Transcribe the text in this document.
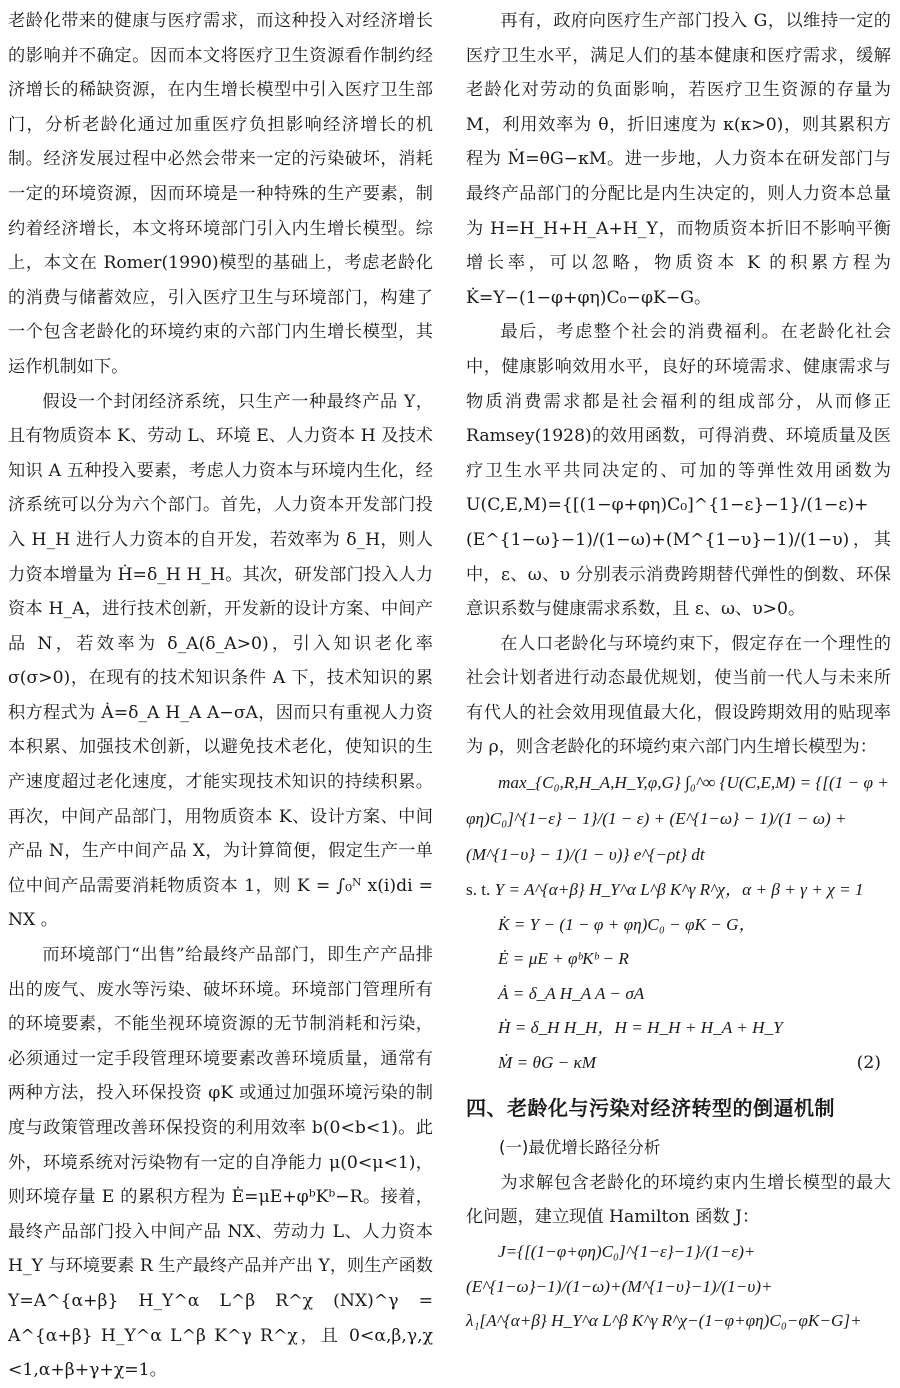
老龄化带来的健康与医疗需求，而这种投入对经济增长的影响并不确定。因而本文将医疗卫生资源看作制约经济增长的稀缺资源，在内生增长模型中引入医疗卫生部门，分析老龄化通过加重医疗负担影响经济增长的机制。经济发展过程中必然会带来一定的污染破坏，消耗一定的环境资源，因而环境是一种特殊的生产要素，制约着经济增长，本文将环境部门引入内生增长模型。综上，本文在 Romer(1990)模型的基础上，考虑老龄化的消费与储蓄效应，引入医疗卫生与环境部门，构建了一个包含老龄化的环境约束的六部门内生增长模型，其运作机制如下。

假设一个封闭经济系统，只生产一种最终产品 Y，且有物质资本 K、劳动 L、环境 E、人力资本 H 及技术知识 A 五种投入要素，考虑人力资本与环境内生化，经济系统可以分为六个部门。首先，人力资本开发部门投入 H_H 进行人力资本的自开发，若效率为 δ_H，则人力资本增量为 Ḣ=δ_H H_H。其次，研发部门投入人力资本 H_A，进行技术创新，开发新的设计方案、中间产品 N，若效率为 δ_A(δ_A>0)，引入知识老化率 σ(σ>0)，在现有的技术知识条件 A 下，技术知识的累积方程式为 Ȧ=δ_A H_A A−σA，因而只有重视人力资本积累、加强技术创新，以避免技术老化，使知识的生产速度超过老化速度，才能实现技术知识的持续积累。再次，中间产品部门，用物质资本 K、设计方案、中间产品 N，生产中间产品 X，为计算简便，假定生产一单位中间产品需要消耗物质资本 1，则 K = ∫₀ᴺ x(i)di = NX 。

而环境部门“出售”给最终产品部门，即生产产品排出的废气、废水等污染、破坏环境。环境部门管理所有的环境要素，不能坐视环境资源的无节制消耗和污染，必须通过一定手段管理环境要素改善环境质量，通常有两种方法，投入环保投资 φK 或通过加强环境污染的制度与政策管理改善环保投资的利用效率 b(0<b<1)。此外，环境系统对污染物有一定的自净能力 μ(0<μ<1)，则环境存量 E 的累积方程为 Ė=μE+φᵇKᵇ−R。接着，最终产品部门投入中间产品 NX、劳动力 L、人力资本 H_Y 与环境要素 R 生产最终产品并产出 Y，则生产函数 Y=A^{α+β} H_Y^α L^β R^χ (NX)^γ = A^{α+β} H_Y^α L^β K^γ R^χ，且 0<α,β,γ,χ <1,α+β+γ+χ=1。

再有，政府向医疗生产部门投入 G，以维持一定的医疗卫生水平，满足人们的基本健康和医疗需求，缓解老龄化对劳动的负面影响，若医疗卫生资源的存量为 M，利用效率为 θ，折旧速度为 κ(κ>0)，则其累积方程为 Ṁ=θG−κM。进一步地，人力资本在研发部门与最终产品部门的分配比是内生决定的，则人力资本总量为 H=H_H+H_A+H_Y，而物质资本折旧不影响平衡增长率，可以忽略，物质资本 K 的积累方程为 K̇=Y−(1−φ+φη)C₀−φK−G。

最后，考虑整个社会的消费福利。在老龄化社会中，健康影响效用水平，良好的环境需求、健康需求与物质消费需求都是社会福利的组成部分，从而修正 Ramsey(1928)的效用函数，可得消费、环境质量及医疗卫生水平共同决定的、可加的等弹性效用函数为 U(C,E,M)={[(1−φ+φη)C₀]^{1−ε}−1}/(1−ε)+(E^{1−ω}−1)/(1−ω)+(M^{1−υ}−1)/(1−υ)，其中，ε、ω、υ 分别表示消费跨期替代弹性的倒数、环保意识系数与健康需求系数，且 ε、ω、υ>0。

在人口老龄化与环境约束下，假定存在一个理性的社会计划者进行动态最优规划，使当前一代人与未来所有代人的社会效用现值最大化，假设跨期效用的贴现率为 ρ，则含老龄化的环境约束六部门内生增长模型为：

max_{C₀,R,H_A,H_Y,φ,G} ∫₀^∞ {U(C,E,M) = {[(1 − φ +

φη)C₀]^{1−ε} − 1}/(1 − ε) + (E^{1−ω} − 1)/(1 − ω) +

(M^{1−υ} − 1)/(1 − υ)} e^{−ρt} dt

s. t. Y = A^{α+β} H_Y^α L^β K^γ R^χ，α + β + γ + χ = 1

K̇ = Y − (1 − φ + φη)C₀ − φK − G，

Ė = μE + φᵇKᵇ − R

Ȧ = δ_A H_A A − σA

Ḣ = δ_H H_H，H = H_H + H_A + H_Y

Ṁ = θG − κM	(2)
四、老龄化与污染对经济转型的倒逼机制

(一)最优增长路径分析

为求解包含老龄化的环境约束内生增长模型的最大化问题，建立现值 Hamilton 函数 J：

J={[(1−φ+φη)C₀]^{1−ε}−1}/(1−ε)+

(E^{1−ω}−1)/(1−ω)+(M^{1−υ}−1)/(1−υ)+

λ₁[A^{α+β} H_Y^α L^β K^γ R^χ−(1−φ+φη)C₀−φK−G]+
